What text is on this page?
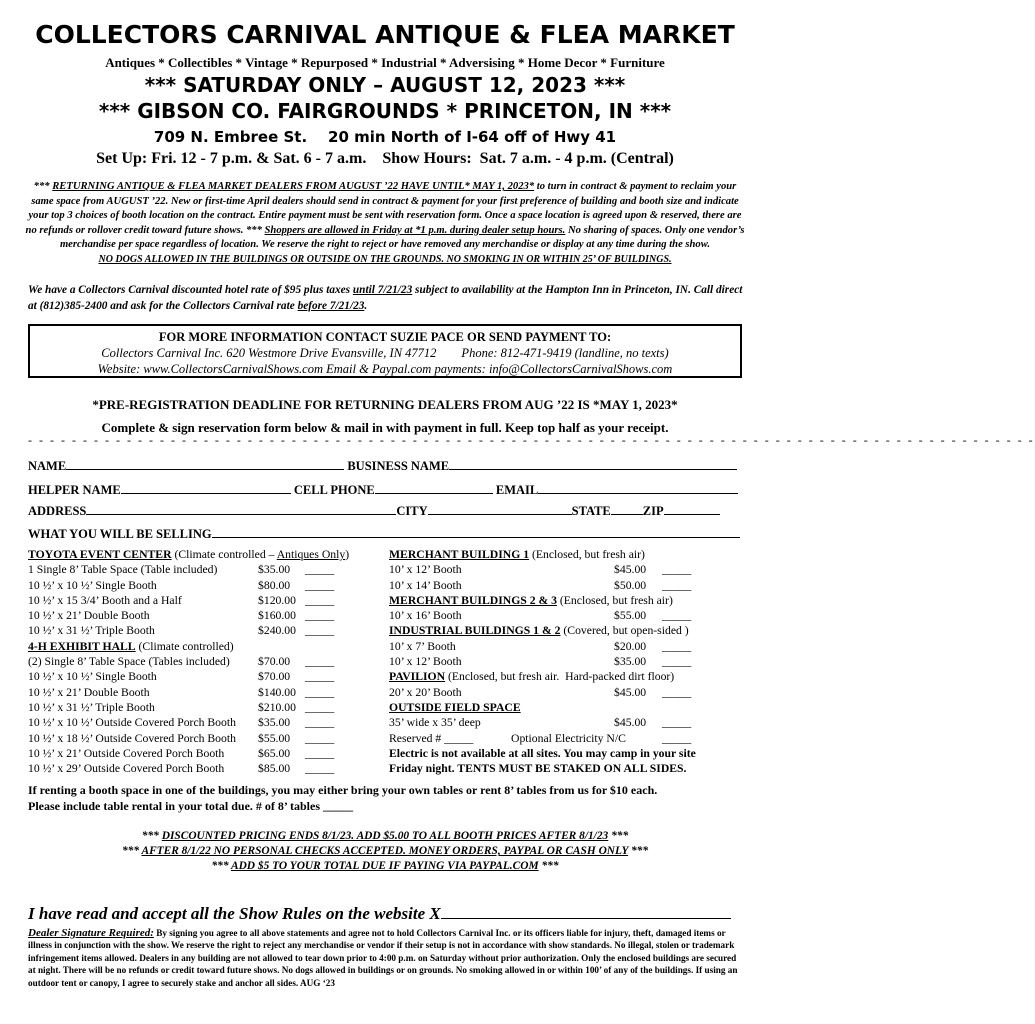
COLLECTORS CARNIVAL ANTIQUE & FLEA MARKET
Antiques * Collectibles * Vintage * Repurposed * Industrial * Adversising * Home Decor * Furniture
*** SATURDAY ONLY – AUGUST 12, 2023 ***
*** GIBSON CO. FAIRGROUNDS * PRINCETON, IN ***
709 N. Embree St.    20 min North of I-64 off of Hwy 41
Set Up: Fri. 12 - 7 p.m. & Sat. 6 - 7 a.m.    Show Hours:  Sat. 7 a.m. - 4 p.m. (Central)
*** RETURNING ANTIQUE & FLEA MARKET DEALERS FROM AUGUST ’22 HAVE UNTIL* MAY 1, 2023* to turn in contract & payment to reclaim your same space from AUGUST ’22. New or first-time April dealers should send in contract & payment for your first preference of building and booth size and indicate your top 3 choices of booth location on the contract. Entire payment must be sent with reservation form. Once a space location is agreed upon & reserved, there are no refunds or rollover credit toward future shows. *** Shoppers are allowed in Friday at *1 p.m. during dealer setup hours. No sharing of spaces. Only one vendor’s merchandise per space regardless of location. We reserve the right to reject or have removed any merchandise or display at any time during the show.
NO DOGS ALLOWED IN THE BUILDINGS OR OUTSIDE ON THE GROUNDS. NO SMOKING IN OR WITHIN 25’ OF BUILDINGS.
We have a Collectors Carnival discounted hotel rate of $95 plus taxes until 7/21/23 subject to availability at the Hampton Inn in Princeton, IN. Call direct at (812)385-2400 and ask for the Collectors Carnival rate before 7/21/23.
FOR MORE INFORMATION CONTACT SUZIE PACE OR SEND PAYMENT TO:
Collectors Carnival Inc. 620 Westmore Drive Evansville, IN 47712        Phone: 812-471-9419 (landline, no texts)
Website: www.CollectorsCarnivalShows.com Email & Paypal.com payments: info@CollectorsCarnivalShows.com
*PRE-REGISTRATION DEADLINE FOR RETURNING DEALERS FROM AUG ’22 IS *MAY 1, 2023*
Complete & sign reservation form below & mail in with payment in full. Keep top half as your receipt.
- - - - - - - - - - - - - - - - - - - - - - - - - - - - - - - - - - - - - - - - - - - - - - - - - - - - - - - - - - - - - - - - - - - - - - - - - - - - - - - - - - - - - - - - - - - -
NAME	BUSINESS NAME
HELPER NAME	CELL PHONE	EMAIL
ADDRESS	CITY	STATE	ZIP
WHAT YOU WILL BE SELLING
TOYOTA EVENT CENTER (Climate controlled – Antiques Only)
1 Single 8’ Table Space (Table included)	$35.00 _____
10 ½’ x 10 ½’ Single Booth	$80.00 _____
10 ½’ x 15 3/4’ Booth and a Half	$120.00 _____
10 ½’ x 21’ Double Booth	$160.00 _____
10 ½’ x 31 ½’ Triple Booth	$240.00 _____
4-H EXHIBIT HALL (Climate controlled)
(2) Single 8’ Table Space (Tables included) $70.00 _____
10 ½’ x 10 ½’ Single Booth	$70.00 _____
10 ½’ x 21’ Double Booth	$140.00 _____
10 ½’ x 31 ½’ Triple Booth	$210.00 _____
10 ½’ x 10 ½’ Outside Covered Porch Booth $35.00 _____
10 ½’ x 18 ½’ Outside Covered Porch Booth $55.00 _____
10 ½’ x 21’ Outside Covered Porch Booth	$65.00 _____
10 ½’ x 29’ Outside Covered Porch Booth	$85.00 _____
MERCHANT BUILDING 1 (Enclosed, but fresh air)
10’ x 12’ Booth	$45.00 _____
10’ x 14’ Booth	$50.00 _____
MERCHANT BUILDINGS 2 & 3 (Enclosed, but fresh air)
10’ x 16’ Booth	$55.00 _____
INDUSTRIAL BUILDINGS 1 & 2 (Covered, but open-sided )
10’ x 7’ Booth	$20.00 _____
10’ x 12’ Booth	$35.00 _____
PAVILION (Enclosed, but fresh air.  Hard-packed dirt floor)
20’ x 20’ Booth	$45.00 _____
OUTSIDE FIELD SPACE
35’ wide x 35’ deep	$45.00 _____
Reserved # _____	Optional Electricity N/C	_____
Electric is not available at all sites. You may camp in your site
Friday night. TENTS MUST BE STAKED ON ALL SIDES.
If renting a booth space in one of the buildings, you may either bring your own tables or rent 8’ tables from us for $10 each.
Please include table rental in your total due. # of 8’ tables _____
*** DISCOUNTED PRICING ENDS 8/1/23. ADD $5.00 TO ALL BOOTH PRICES AFTER 8/1/23 ***
*** AFTER 8/1/22 NO PERSONAL CHECKS ACCEPTED. MONEY ORDERS, PAYPAL OR CASH ONLY ***
*** ADD $5 TO YOUR TOTAL DUE IF PAYING VIA PAYPAL.COM ***
I have read and accept all the Show Rules on the website X
Dealer Signature Required: By signing you agree to all above statements and agree not to hold Collectors Carnival Inc. or its officers liable for injury, theft, damaged items or illness in conjunction with the show. We reserve the right to reject any merchandise or vendor if their setup is not in accordance with show standards. No illegal, stolen or trademark infringement items allowed. Dealers in any building are not allowed to tear down prior to 4:00 p.m. on Saturday without prior authorization. Only the enclosed buildings are secured at night. There will be no refunds or credit toward future shows. No dogs allowed in buildings or on grounds. No smoking allowed in or within 100’ of any of the buildings. If using an outdoor tent or canopy, I agree to securely stake and anchor all sides. AUG ‘23
